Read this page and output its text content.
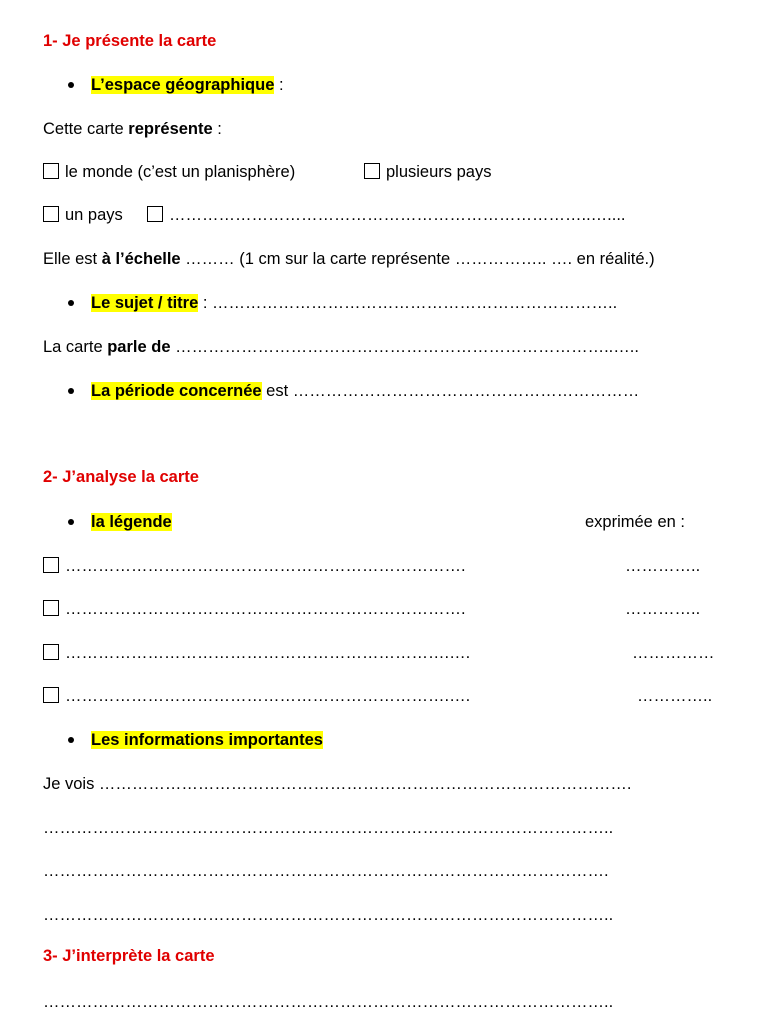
1- Je présente la carte
L’espace géographique :
Cette carte représente :
le monde (c’est un planisphère)	plusieurs pays
un pays	…………………………………………………………………..…....
Elle est à l’échelle ……… (1 cm sur la carte représente …………….. …. en réalité.)
Le sujet / titre : ………………………………………………………………..
La carte parle de ……………………………………………………………………..…..
La période concernée est ………………………………………………………
2- J’analyse la carte
la légende	exprimée en :
……………………………………………………………….	…………..
……………………………………………………………….	…………..
…………………………………………………………….….	……………
…………………………………………………………….….	…………..
Les informations importantes
Je vois …………………………………………………………………………………….
…………………………………………………………………………………………..
………………………………………………………………………………………….
…………………………………………………………………………………………..
3- J’interprète la carte
…………………………………………………………………………………………..
